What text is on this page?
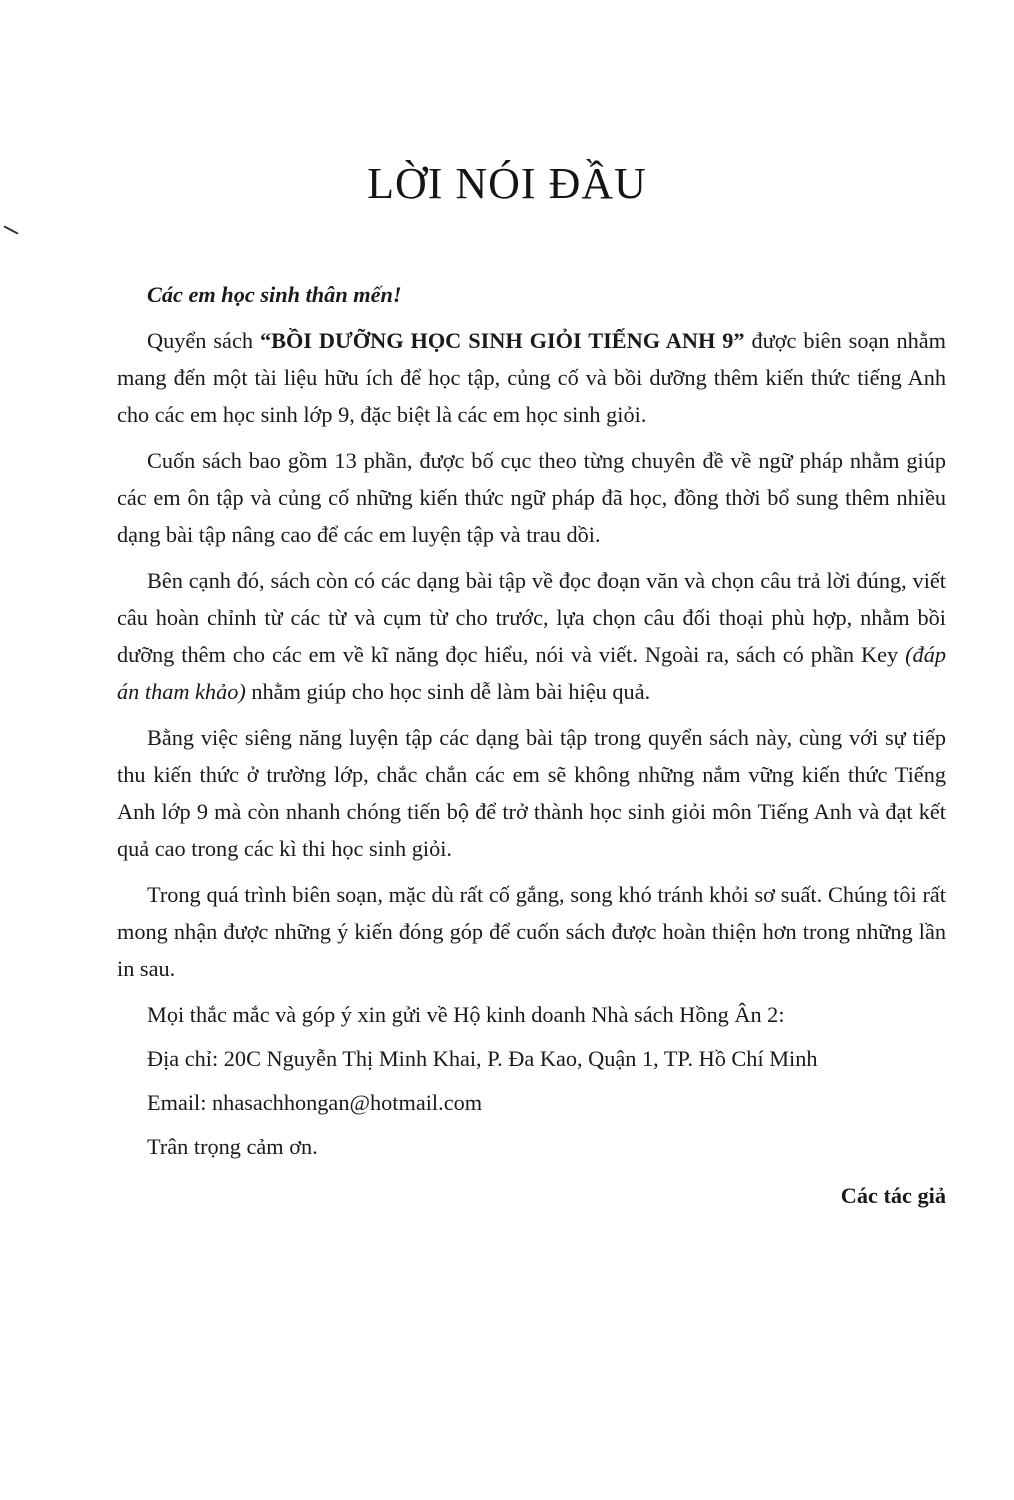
LỜI NÓI ĐẦU

Các em học sinh thân mến!

Quyển sách “BỒI DƯỠNG HỌC SINH GIỎI TIẾNG ANH 9” được biên soạn nhằm mang đến một tài liệu hữu ích để học tập, củng cố và bồi dưỡng thêm kiến thức tiếng Anh cho các em học sinh lớp 9, đặc biệt là các em học sinh giỏi.

Cuốn sách bao gồm 13 phần, được bố cục theo từng chuyên đề về ngữ pháp nhằm giúp các em ôn tập và củng cố những kiến thức ngữ pháp đã học, đồng thời bổ sung thêm nhiều dạng bài tập nâng cao để các em luyện tập và trau dồi.

Bên cạnh đó, sách còn có các dạng bài tập về đọc đoạn văn và chọn câu trả lời đúng, viết câu hoàn chỉnh từ các từ và cụm từ cho trước, lựa chọn câu đối thoại phù hợp, nhằm bồi dưỡng thêm cho các em về kĩ năng đọc hiểu, nói và viết. Ngoài ra, sách có phần Key (đáp án tham khảo) nhằm giúp cho học sinh dễ làm bài hiệu quả.

Bằng việc siêng năng luyện tập các dạng bài tập trong quyển sách này, cùng với sự tiếp thu kiến thức ở trường lớp, chắc chắn các em sẽ không những nắm vững kiến thức Tiếng Anh lớp 9 mà còn nhanh chóng tiến bộ để trở thành học sinh giỏi môn Tiếng Anh và đạt kết quả cao trong các kì thi học sinh giỏi.

Trong quá trình biên soạn, mặc dù rất cố gắng, song khó tránh khỏi sơ suất. Chúng tôi rất mong nhận được những ý kiến đóng góp để cuốn sách được hoàn thiện hơn trong những lần in sau.

Mọi thắc mắc và góp ý xin gửi về Hộ kinh doanh Nhà sách Hồng Ân 2:

Địa chỉ: 20C Nguyễn Thị Minh Khai, P. Đa Kao, Quận 1, TP. Hồ Chí Minh

Email: nhasachhongan@hotmail.com

Trân trọng cảm ơn.

Các tác giả
